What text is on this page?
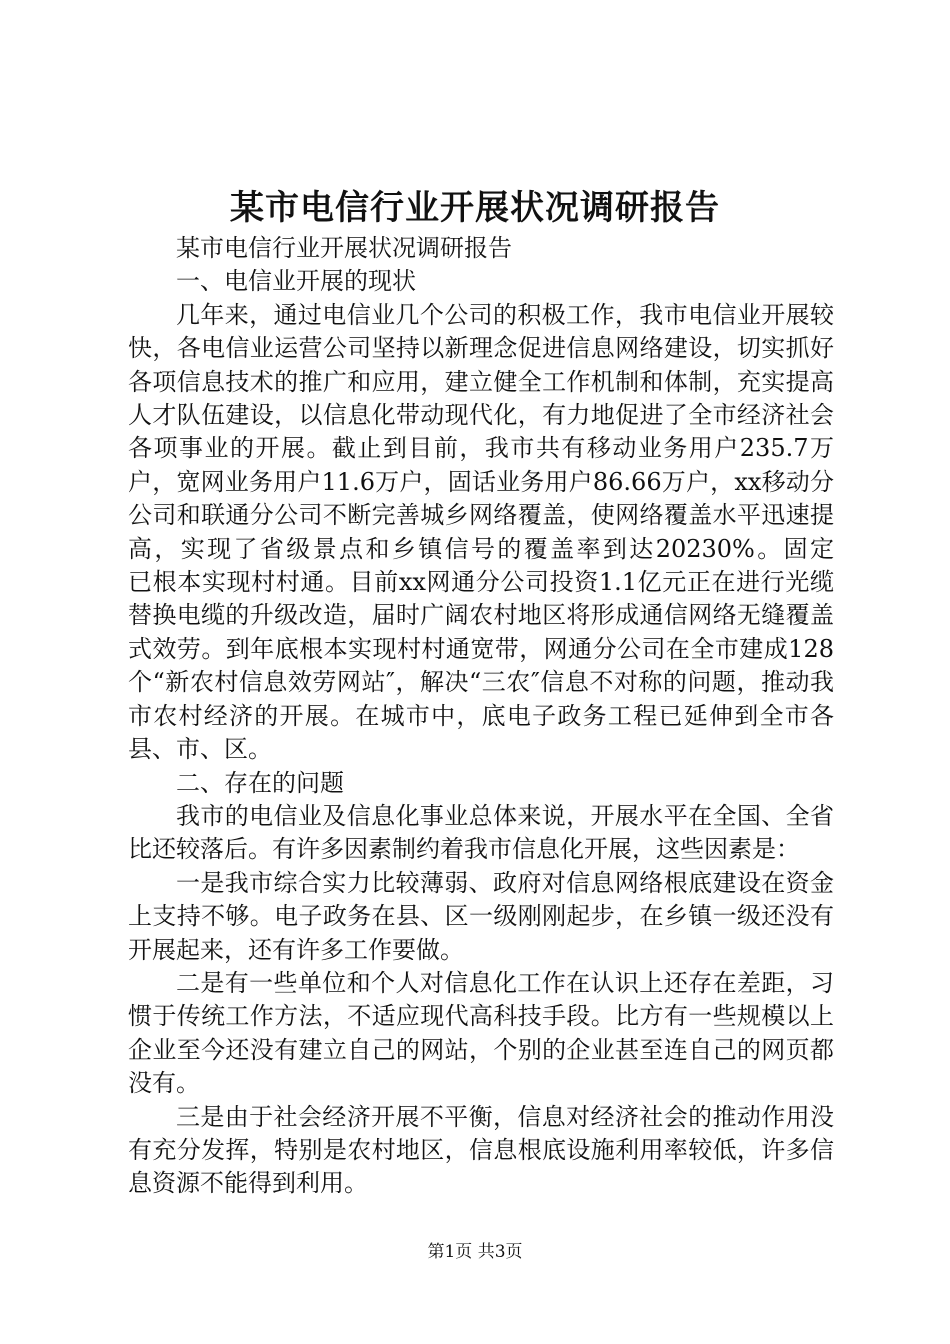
某市电信行业开展状况调研报告

某市电信行业开展状况调研报告

一、电信业开展的现状

几年来，通过电信业几个公司的积极工作，我市电信业开展较快，各电信业运营公司坚持以新理念促进信息网络建设，切实抓好各项信息技术的推广和应用，建立健全工作机制和体制，充实提高人才队伍建设，以信息化带动现代化，有力地促进了全市经济社会各项事业的开展。截止到目前，我市共有移动业务用户235.7万户，宽网业务用户11.6万户，固话业务用户86.66万户，xx移动分公司和联通分公司不断完善城乡网络覆盖，使网络覆盖水平迅速提高，实现了省级景点和乡镇信号的覆盖率到达20230%。固定　　已根本实现村村通。目前xx网通分公司投资1.1亿元正在进行光缆替换电缆的升级改造，届时广阔农村地区将形成通信网络无缝覆盖式效劳。到年底根本实现村村通宽带，网通分公司在全市建成128个“新农村信息效劳网站″，解决“三农″信息不对称的问题，推动我市农村经济的开展。在城市中，底电子政务工程已延伸到全市各县、市、区。

二、存在的问题

我市的电信业及信息化事业总体来说，开展水平在全国、全省比还较落后。有许多因素制约着我市信息化开展，这些因素是：

一是我市综合实力比较薄弱、政府对信息网络根底建设在资金上支持不够。电子政务在县、区一级刚刚起步，在乡镇一级还没有开展起来，还有许多工作要做。

二是有一些单位和个人对信息化工作在认识上还存在差距，习惯于传统工作方法，不适应现代高科技手段。比方有一些规模以上企业至今还没有建立自己的网站，个别的企业甚至连自己的网页都没有。

三是由于社会经济开展不平衡，信息对经济社会的推动作用没有充分发挥，特别是农村地区，信息根底设施利用率较低，许多信息资源不能得到利用。

第1页 共3页
